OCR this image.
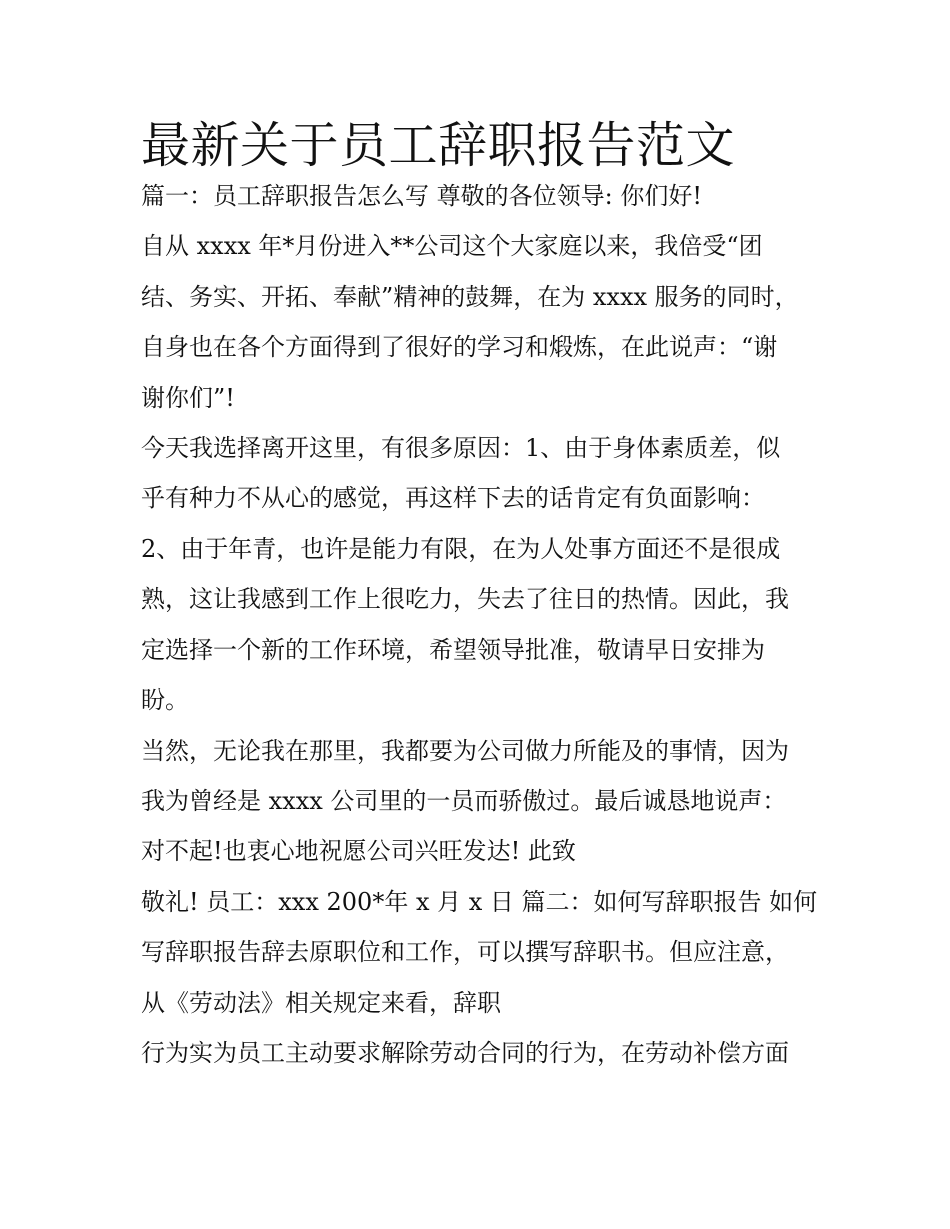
最新关于员工辞职报告范文

篇一：员工辞职报告怎么写 尊敬的各位领导: 你们好!

自从 xxxx 年*月份进入**公司这个大家庭以来，我倍受“团

结、务实、开拓、奉献”精神的鼓舞，在为 xxxx 服务的同时，

自身也在各个方面得到了很好的学习和煅炼，在此说声：“谢

谢你们”!

今天我选择离开这里，有很多原因：1、由于身体素质差，似

乎有种力不从心的感觉，再这样下去的话肯定有负面影响：

2、由于年青，也许是能力有限，在为人处事方面还不是很成

熟，这让我感到工作上很吃力，失去了往日的热情。因此，我

定选择一个新的工作环境，希望领导批准，敬请早日安排为

盼。

当然，无论我在那里，我都要为公司做力所能及的事情，因为

我为曾经是 xxxx 公司里的一员而骄傲过。最后诚恳地说声：

对不起!也衷心地祝愿公司兴旺发达! 此致

敬礼! 员工：xxx 200*年 x 月 x 日 篇二：如何写辞职报告 如何

写辞职报告辞去原职位和工作，可以撰写辞职书。但应注意，

从《劳动法》相关规定来看，辞职

行为实为员工主动要求解除劳动合同的行为，在劳动补偿方面
